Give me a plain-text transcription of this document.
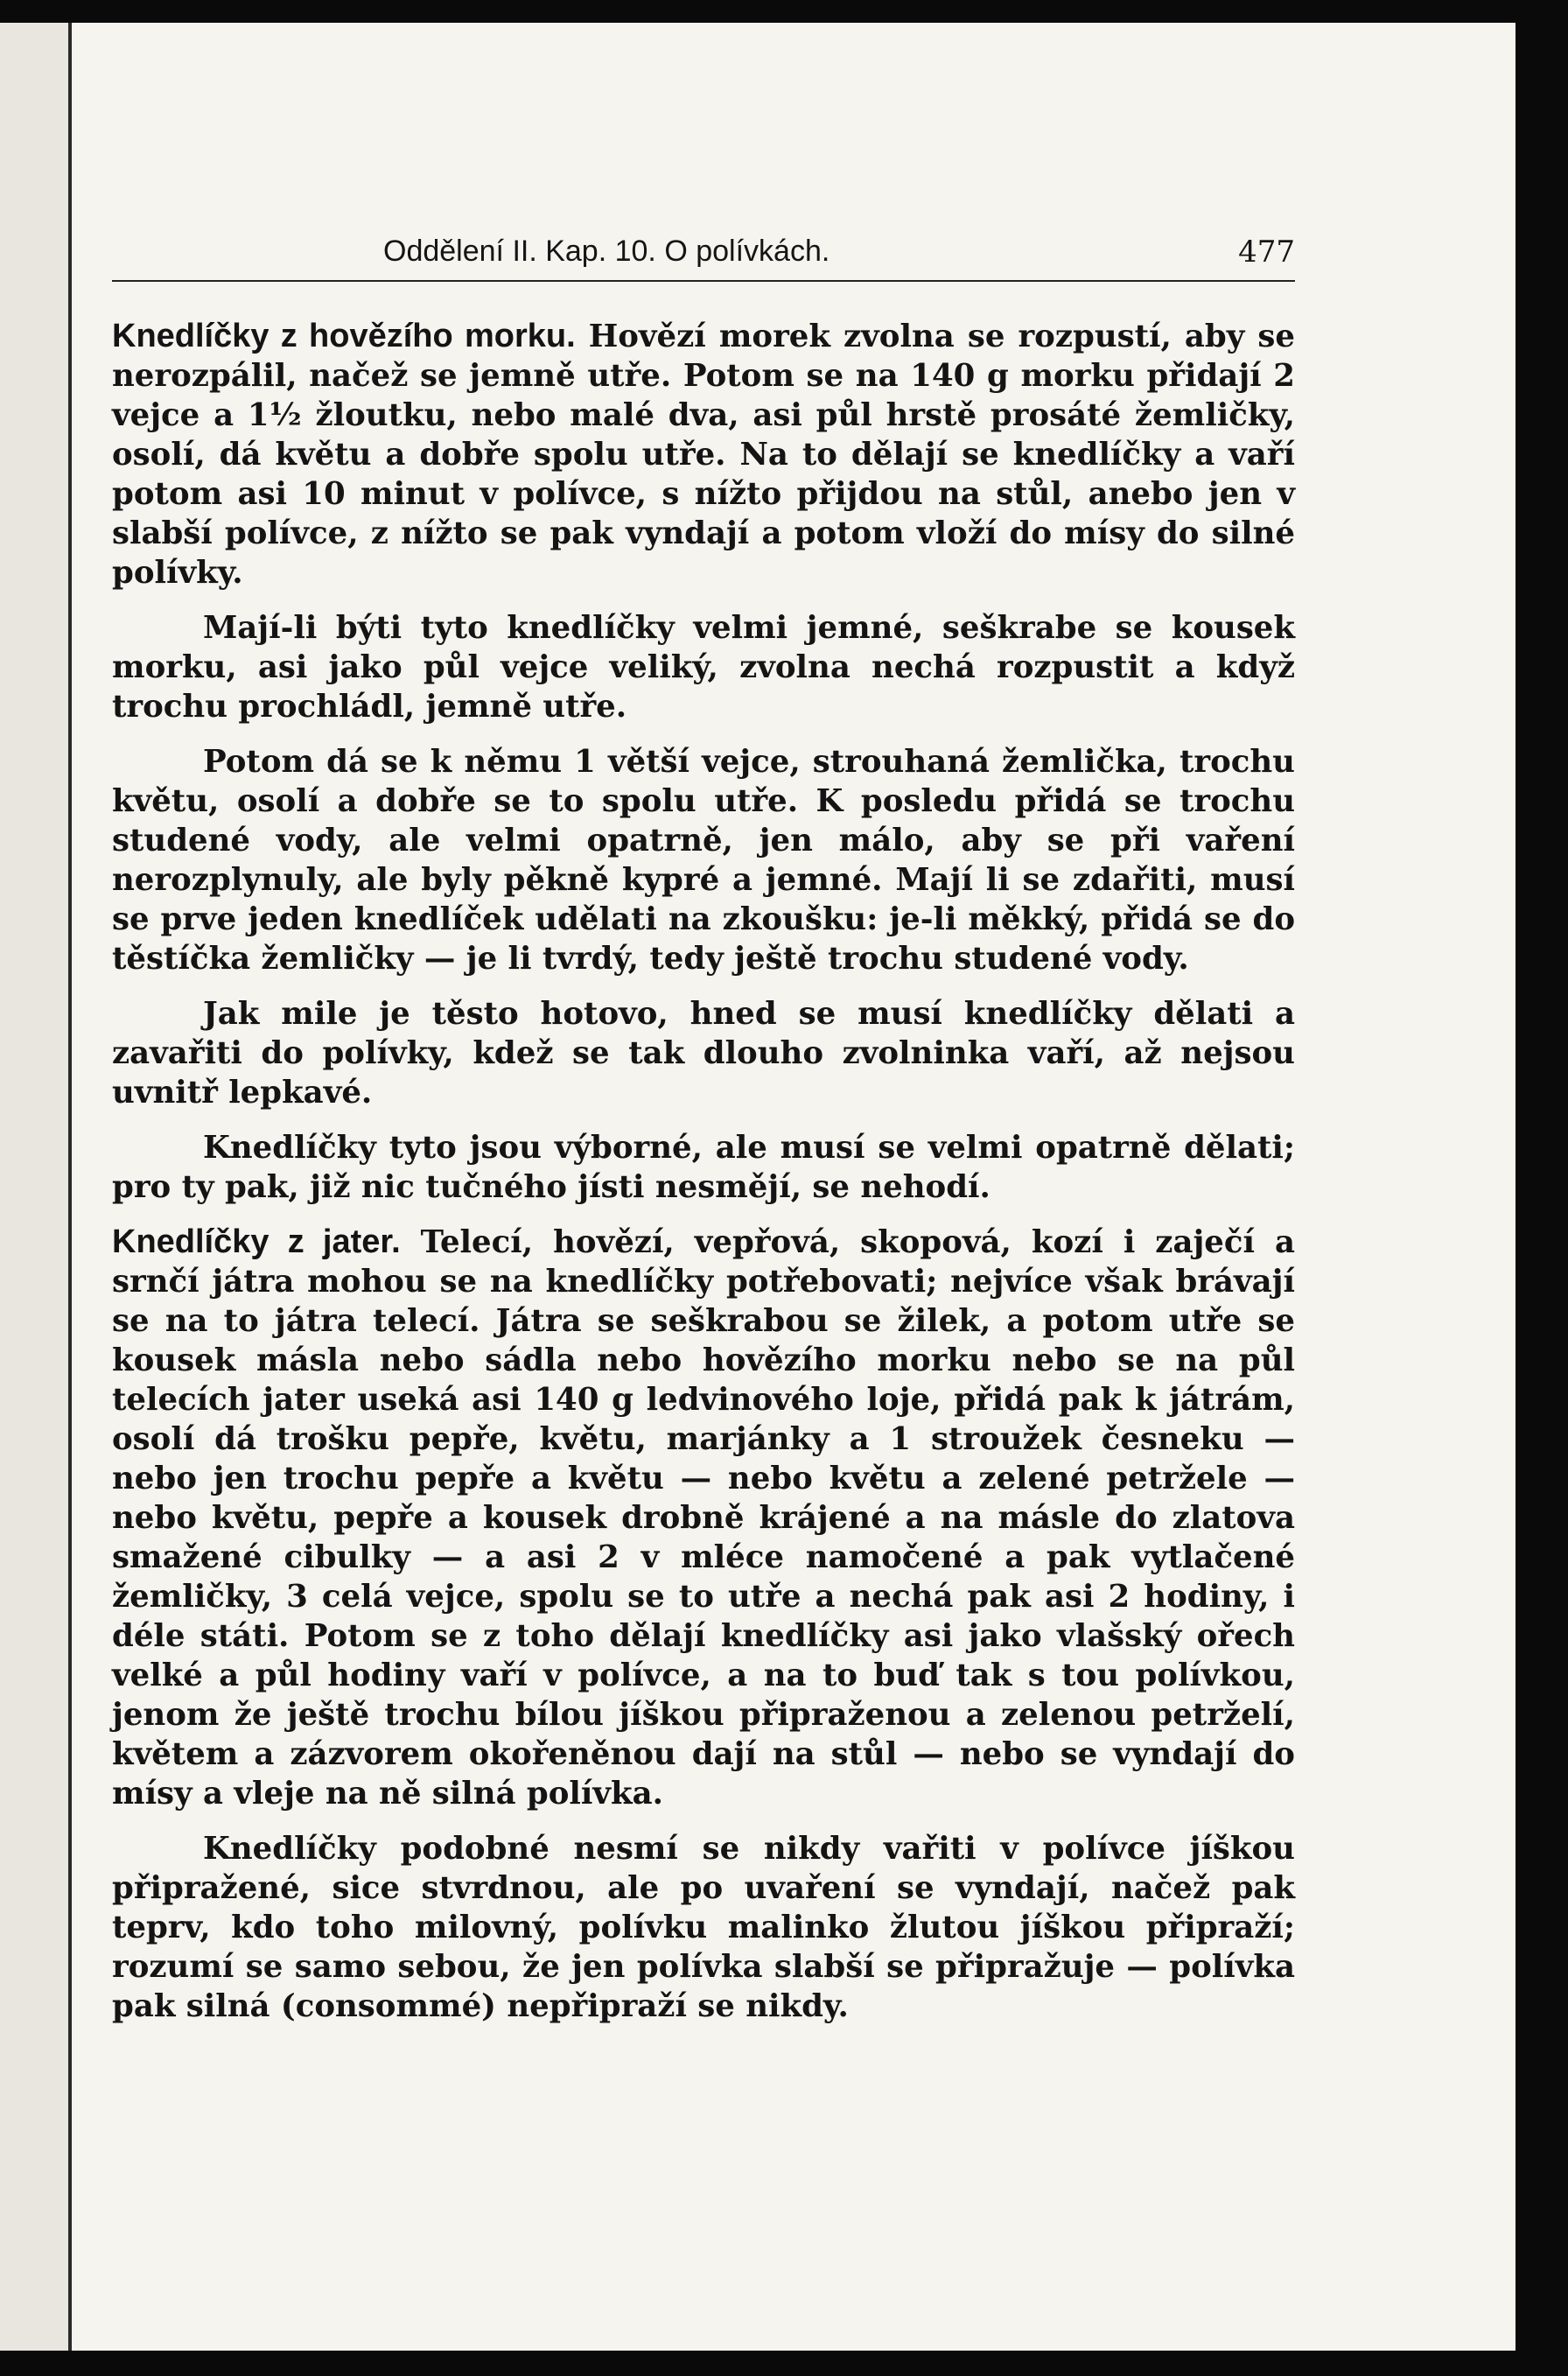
Oddělení II. Kap. 10. O polívkách.	477

Knedlíčky z hovězího morku. Hovězí morek zvolna se rozpustí, aby se nerozpálil, načež se jemně utře. Potom se na 140 g morku přidají 2 vejce a 1½ žloutku, nebo malé dva, asi půl hrstě prosáté žemličky, osolí, dá květu a dobře spolu utře. Na to dělají se knedlíčky a vaří potom asi 10 minut v polívce, s nížto přijdou na stůl, anebo jen v slabší polívce, z nížto se pak vyndají a potom vloží do mísy do silné polívky.

Mají-li býti tyto knedlíčky velmi jemné, seškrabe se kousek morku, asi jako půl vejce veliký, zvolna nechá rozpustit a když trochu prochládl, jemně utře.

Potom dá se k němu 1 větší vejce, strouhaná žemlička, trochu květu, osolí a dobře se to spolu utře. K posledu přidá se trochu studené vody, ale velmi opatrně, jen málo, aby se při vaření nerozplynuly, ale byly pěkně kypré a jemné. Mají li se zdařiti, musí se prve jeden knedlíček udělati na zkoušku: je-li měkký, přidá se do těstíčka žemličky — je li tvrdý, tedy ještě trochu studené vody.

Jak mile je těsto hotovo, hned se musí knedlíčky dělati a zavařiti do polívky, kdež se tak dlouho zvolninka vaří, až nejsou uvnitř lepkavé.

Knedlíčky tyto jsou výborné, ale musí se velmi opatrně dělati; pro ty pak, již nic tučného jísti nesmějí, se nehodí.

Knedlíčky z jater. Telecí, hovězí, vepřová, skopová, kozí i zaječí a srnčí játra mohou se na knedlíčky potřebovati; nejvíce však brávají se na to játra telecí. Játra se seškrabou se žilek, a potom utře se kousek másla nebo sádla nebo hovězího morku nebo se na půl telecích jater useká asi 140 g ledvinového loje, přidá pak k játrám, osolí dá trošku pepře, květu, marjánky a 1 stroužek česneku — nebo jen trochu pepře a květu — nebo květu a zelené petržele — nebo květu, pepře a kousek drobně krájené a na másle do zlatova smažené cibulky — a asi 2 v mléce namočené a pak vytlačené žemličky, 3 celá vejce, spolu se to utře a nechá pak asi 2 hodiny, i déle státi. Potom se z toho dělají knedlíčky asi jako vlašský ořech velké a půl hodiny vaří v polívce, a na to buď tak s tou polívkou, jenom že ještě trochu bílou jíškou připraženou a zelenou petrželí, květem a zázvorem okořeněnou dají na stůl — nebo se vyndají do mísy a vleje na ně silná polívka.

Knedlíčky podobné nesmí se nikdy vařiti v polívce jíškou připražené, sice stvrdnou, ale po uvaření se vyndají, načež pak teprv, kdo toho milovný, polívku malinko žlutou jíškou připraží; rozumí se samo sebou, že jen polívka slabší se připražuje — polívka pak silná (consommé) nepřipraží se nikdy.
